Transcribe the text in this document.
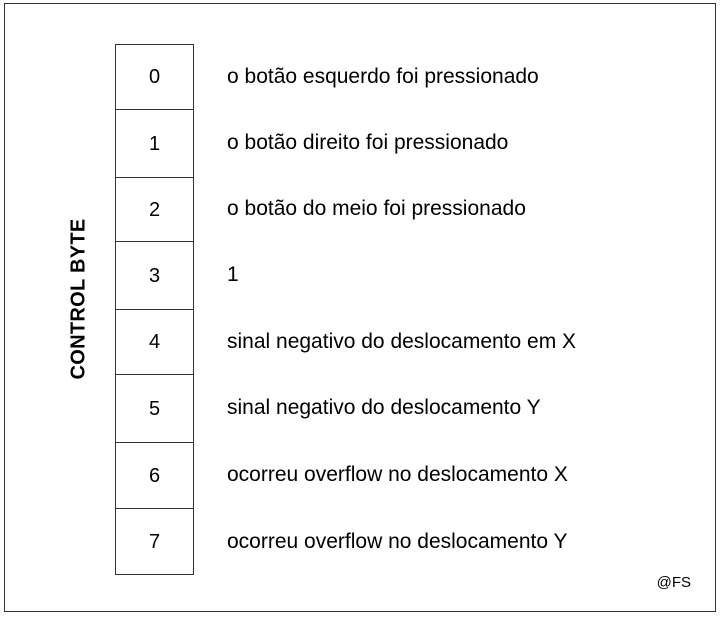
CONTROL BYTE
0
1
2
3
4
5
6
7
o botão esquerdo foi pressionado
o botão direito foi pressionado
o botão do meio foi pressionado
1
sinal negativo do deslocamento em X
sinal negativo do deslocamento Y
ocorreu overflow no deslocamento X
ocorreu overflow no deslocamento Y
@FS
